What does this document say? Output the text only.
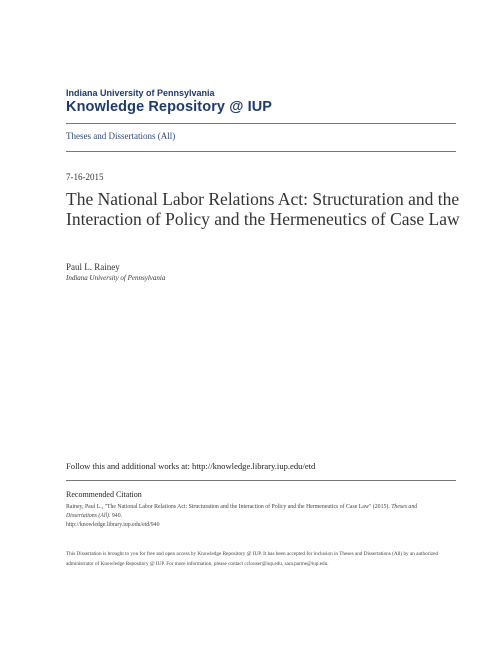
Indiana University of Pennsylvania
Knowledge Repository @ IUP
Theses and Dissertations (All)
7-16-2015
The National Labor Relations Act: Structuration and the Interaction of Policy and the Hermeneutics of Case Law
Paul L. Rainey
Indiana University of Pennsylvania
Follow this and additional works at: http://knowledge.library.iup.edu/etd
Recommended Citation
Rainey, Paul L., "The National Labor Relations Act: Structuration and the Interaction of Policy and the Hermeneutics of Case Law" (2015). Theses and Dissertations (All). 940.
http://knowledge.library.iup.edu/etd/940
This Dissertation is brought to you for free and open access by Knowledge Repository @ IUP. It has been accepted for inclusion in Theses and Dissertations (All) by an authorized administrator of Knowledge Repository @ IUP. For more information, please contact cclouser@iup.edu, sara.parme@iup.edu.
